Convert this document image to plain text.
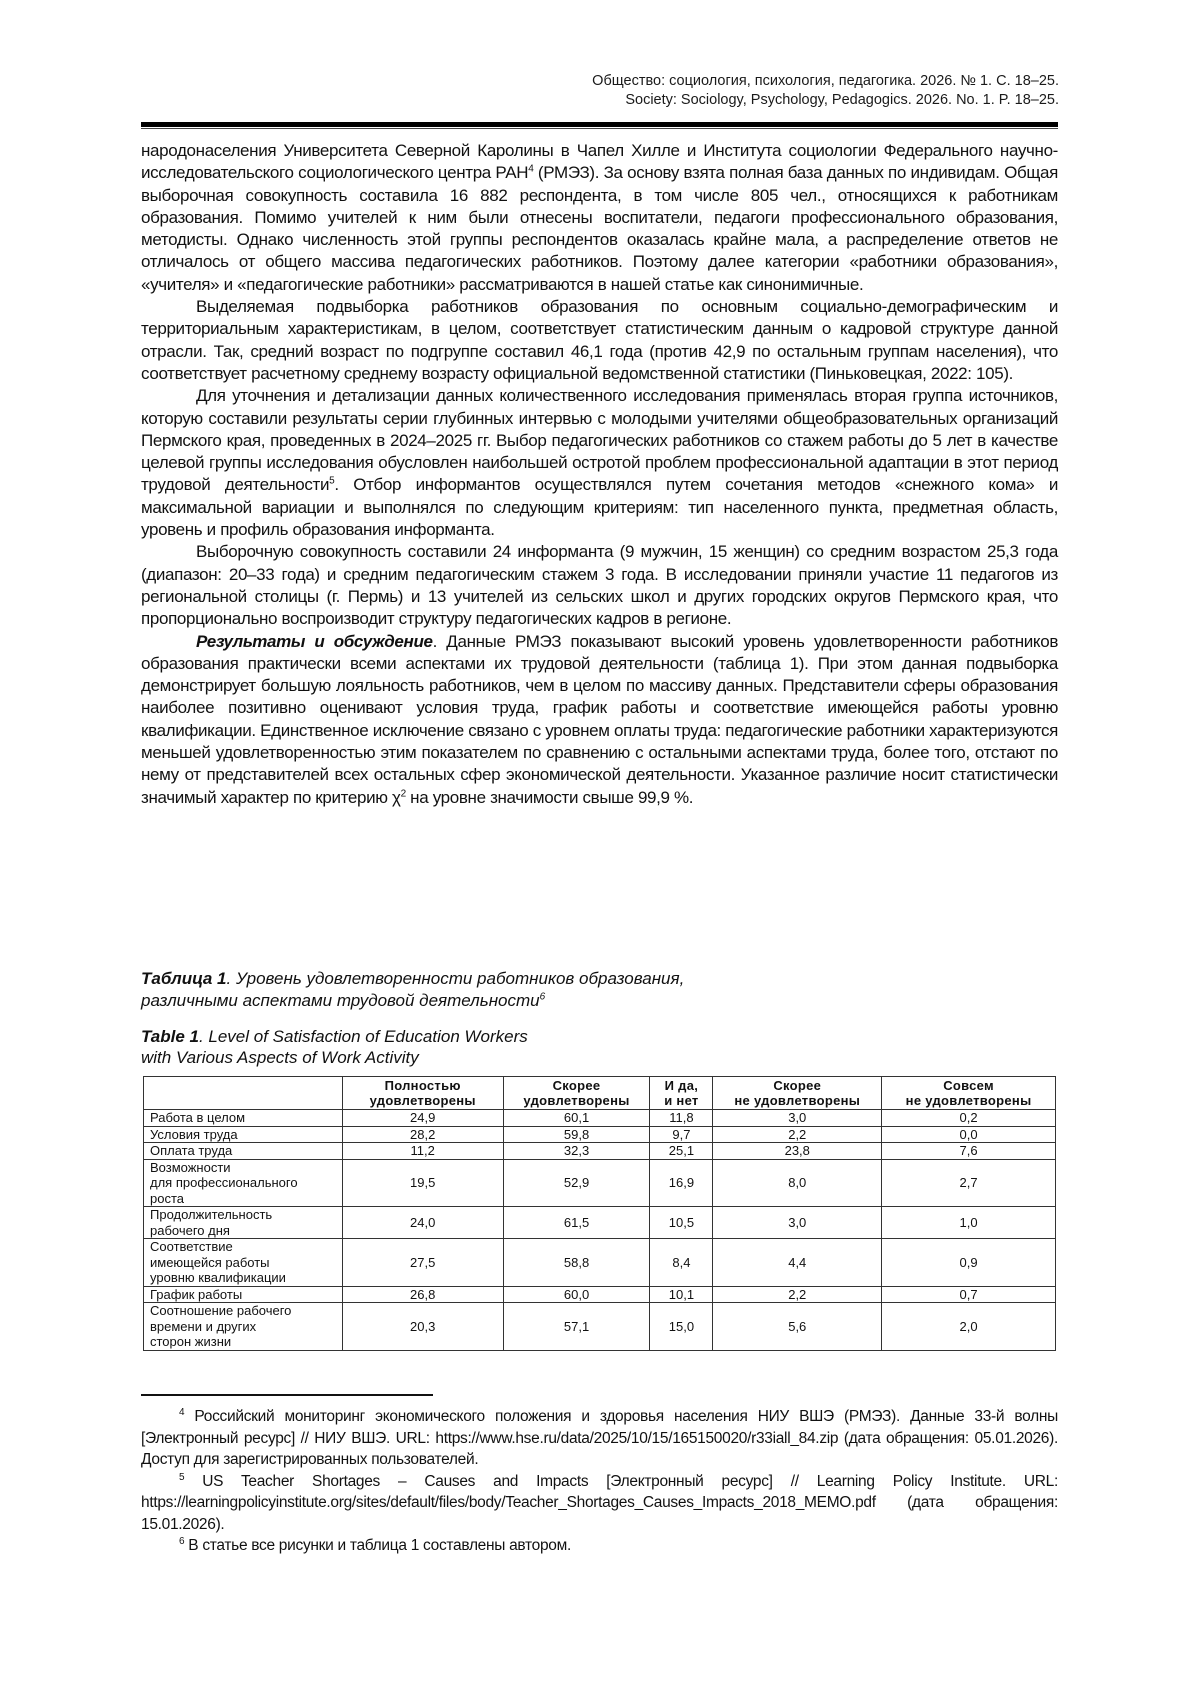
Общество: социология, психология, педагогика. 2026. № 1. С. 18–25.
Society: Sociology, Psychology, Pedagogics. 2026. No. 1. P. 18–25.

народонаселения Университета Северной Каролины в Чапел Хилле и Института социологии Федерального научно-исследовательского социологического центра РАН$^4$ (РМЭЗ). За основу взята полная база данных по индивидам. Общая выборочная совокупность составила 16 882 респондента, в том числе 805 чел., относящихся к работникам образования. Помимо учителей к ним были отнесены воспитатели, педагоги профессионального образования, методисты. Однако численность этой группы респондентов оказалась крайне мала, а распределение ответов не отличалось от общего массива педагогических работников. Поэтому далее категории «работники образования», «учителя» и «педагогические работники» рассматриваются в нашей статье как синонимичные.

Выделяемая подвыборка работников образования по основным социально-демографическим и территориальным характеристикам, в целом, соответствует статистическим данным о кадровой структуре данной отрасли. Так, средний возраст по подгруппе составил 46,1 года (против 42,9 по остальным группам населения), что соответствует расчетному среднему возрасту официальной ведомственной статистики (Пиньковецкая, 2022: 105).

Для уточнения и детализации данных количественного исследования применялась вторая группа источников, которую составили результаты серии глубинных интервью с молодыми учителями общеобразовательных организаций Пермского края, проведенных в 2024–2025 гг. Выбор педагогических работников со стажем работы до 5 лет в качестве целевой группы исследования обусловлен наибольшей остротой проблем профессиональной адаптации в этот период трудовой деятельности$^5$. Отбор информантов осуществлялся путем сочетания методов «снежного кома» и максимальной вариации и выполнялся по следующим критериям: тип населенного пункта, предметная область, уровень и профиль образования информанта.

Выборочную совокупность составили 24 информанта (9 мужчин, 15 женщин) со средним возрастом 25,3 года (диапазон: 20–33 года) и средним педагогическим стажем 3 года. В исследовании приняли участие 11 педагогов из региональной столицы (г. Пермь) и 13 учителей из сельских школ и других городских округов Пермского края, что пропорционально воспроизводит структуру педагогических кадров в регионе.

Результаты и обсуждение. Данные РМЭЗ показывают высокий уровень удовлетворенности работников образования практически всеми аспектами их трудовой деятельности (таблица 1). При этом данная подвыборка демонстрирует большую лояльность работников, чем в целом по массиву данных. Представители сферы образования наиболее позитивно оценивают условия труда, график работы и соответствие имеющейся работы уровню квалификации. Единственное исключение связано с уровнем оплаты труда: педагогические работники характеризуются меньшей удовлетворенностью этим показателем по сравнению с остальными аспектами труда, более того, отстают по нему от представителей всех остальных сфер экономической деятельности. Указанное различие носит статистически значимый характер по критерию $\chi^2$ на уровне значимости свыше 99,9 %.

Таблица 1. Уровень удовлетворенности работников образования,
различными аспектами трудовой деятельности$^6$
Table 1. Level of Satisfaction of Education Workers
with Various Aspects of Work Activity
	Полностью
удовлетворены	Скорее
удовлетворены	И да,
и нет	Скорее
не удовлетворены	Совсем
не удовлетворены
Работа в целом	24,9	60,1	11,8	3,0	0,2
Условия труда	28,2	59,8	9,7	2,2	0,0
Оплата труда	11,2	32,3	25,1	23,8	7,6
Возможности
для профессионального
роста	19,5	52,9	16,9	8,0	2,7
Продолжительность
рабочего дня	24,0	61,5	10,5	3,0	1,0
Соответствие
имеющейся работы
уровню квалификации	27,5	58,8	8,4	4,4	0,9
График работы	26,8	60,0	10,1	2,2	0,7
Соотношение рабочего
времени и других
сторон жизни	20,3	57,1	15,0	5,6	2,0

$^4$ Российский мониторинг экономического положения и здоровья населения НИУ ВШЭ (РМЭЗ). Данные 33-й волны [Электронный ресурс] // НИУ ВШЭ. URL: https://www.hse.ru/data/2025/10/15/165150020/r33iall_84.zip (дата обращения: 05.01.2026). Доступ для зарегистрированных пользователей.

$^5$ US Teacher Shortages – Causes and Impacts [Электронный ресурс] // Learning Policy Institute. URL: https://learningpolicyinstitute.org/sites/default/files/body/Teacher_Shortages_Causes_Impacts_2018_MEMO.pdf (дата обращения: 15.01.2026).

$^6$ В статье все рисунки и таблица 1 составлены автором.
